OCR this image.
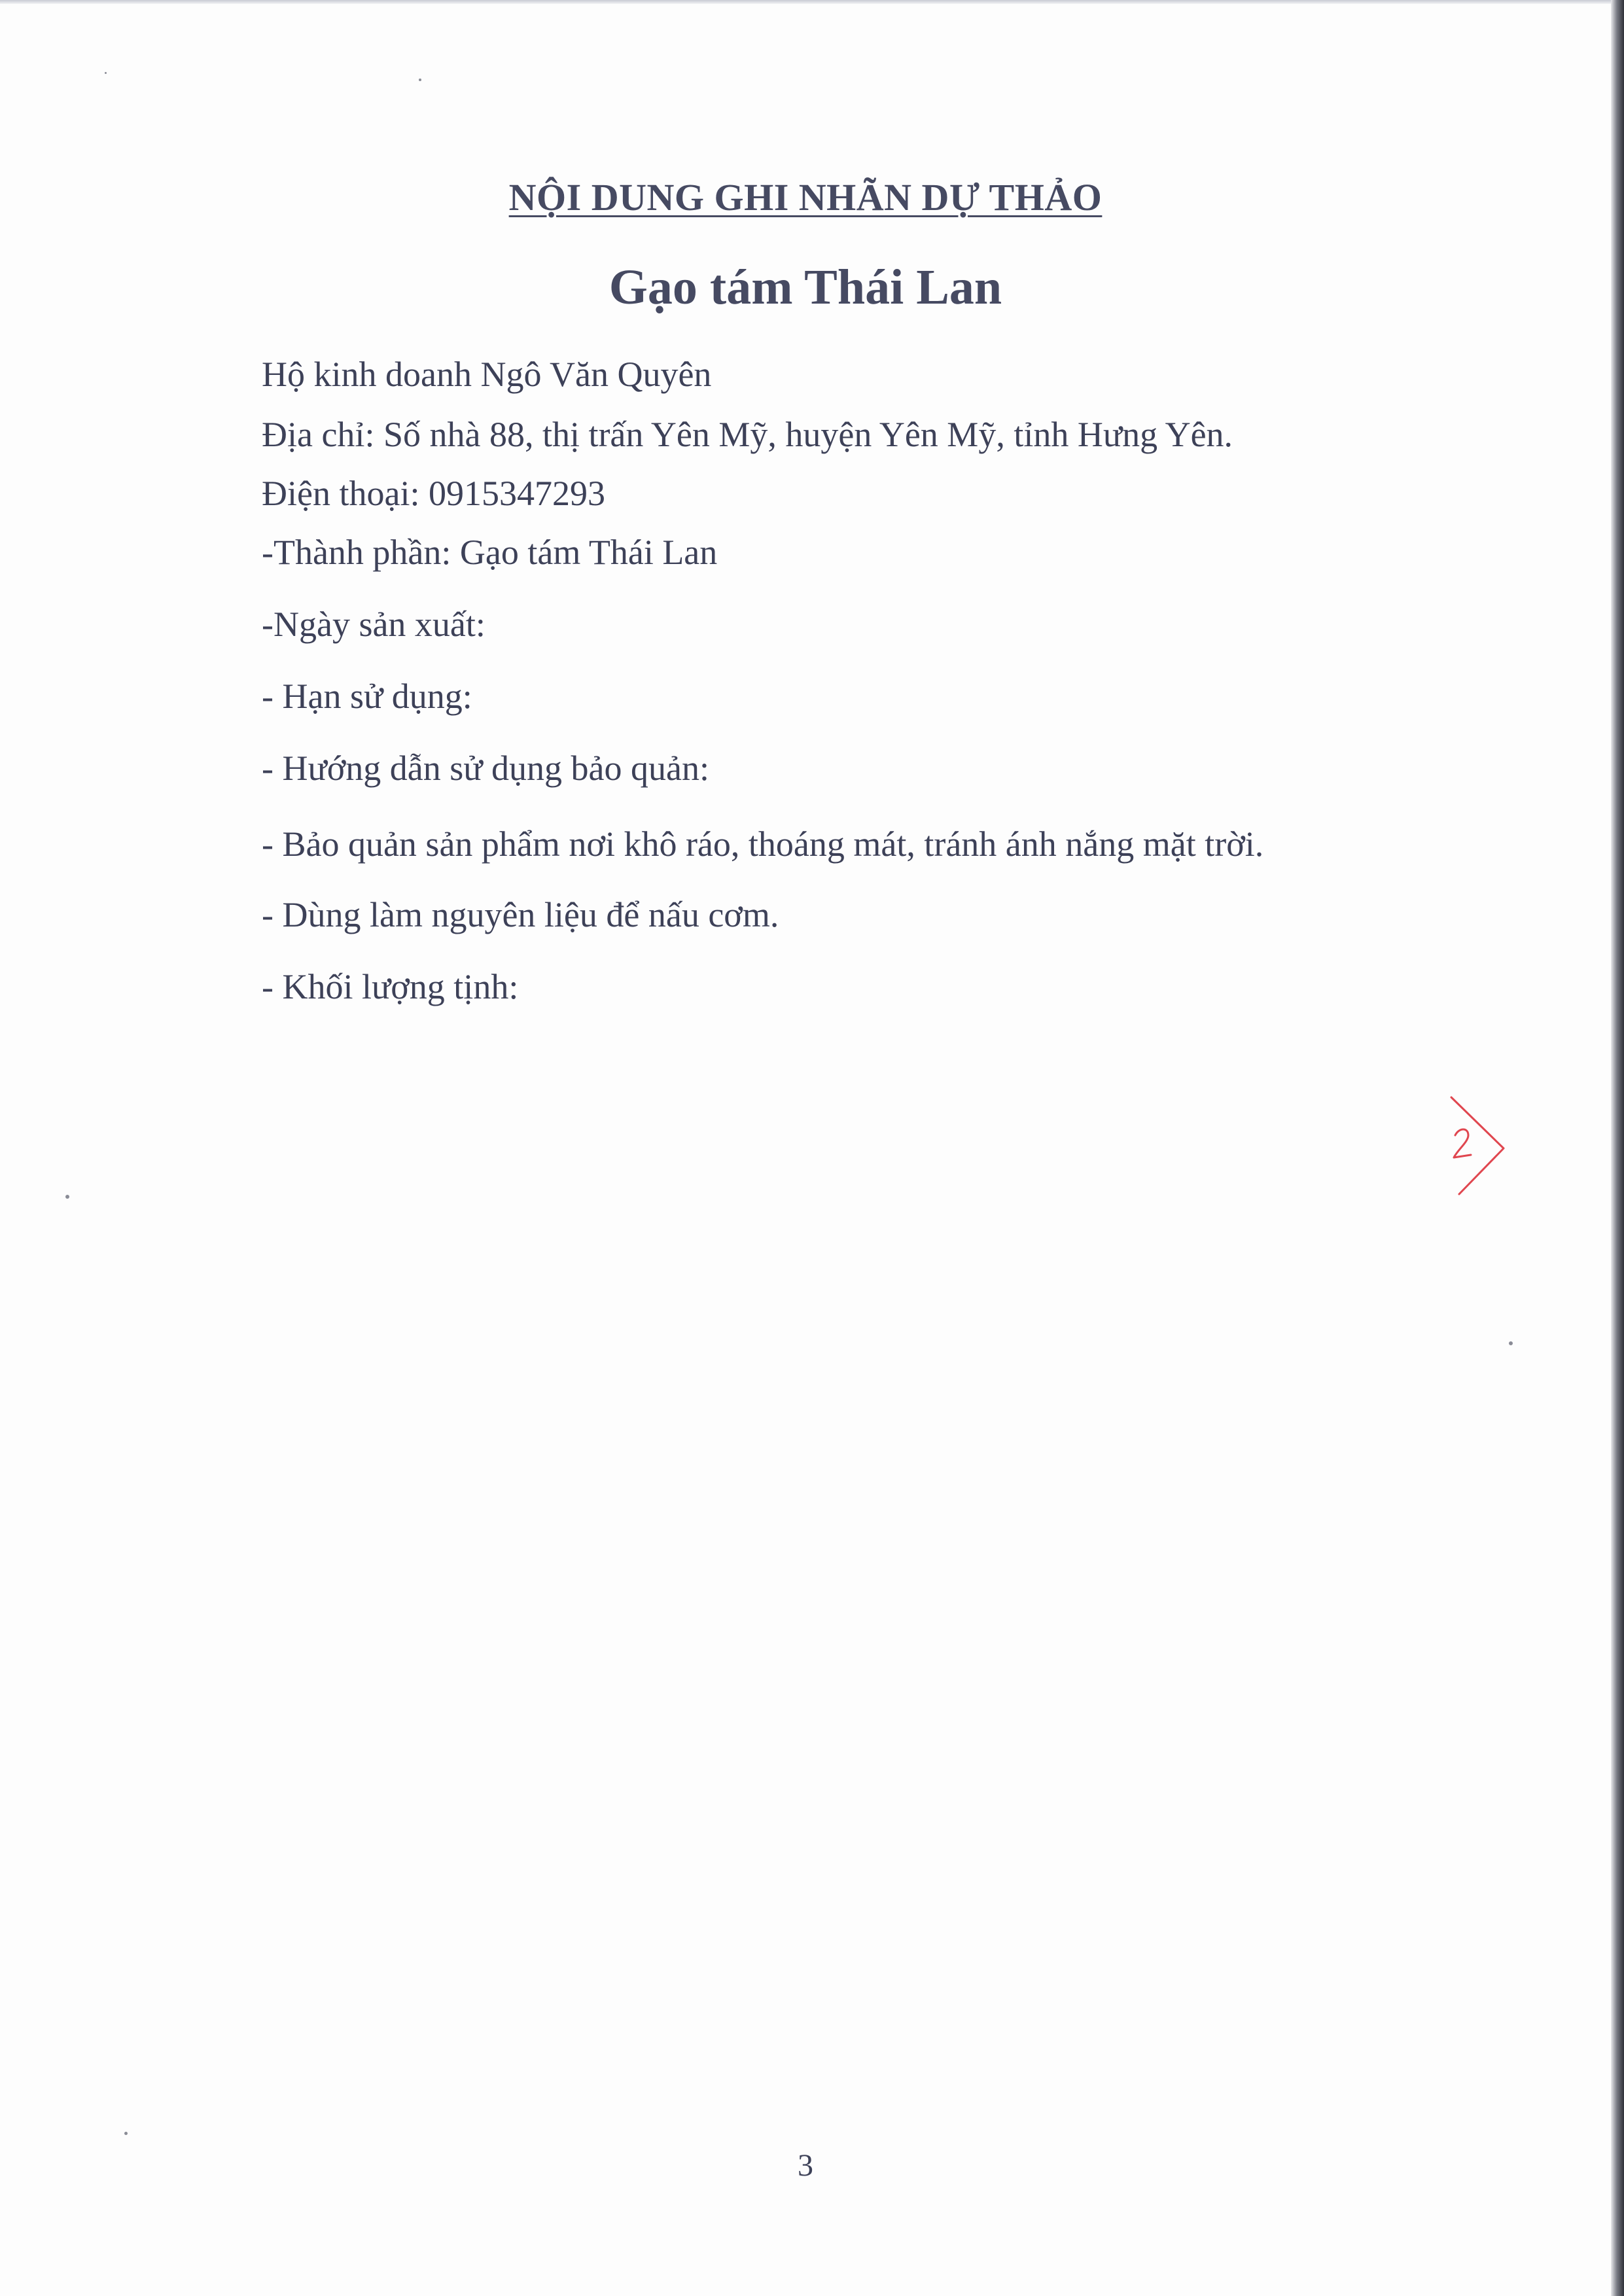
NỘI DUNG GHI NHÃN DỰ THẢO
Gạo tám Thái Lan
Hộ kinh doanh Ngô Văn Quyên
Địa chỉ: Số nhà 88, thị trấn Yên Mỹ, huyện Yên Mỹ, tỉnh Hưng Yên.
Điện thoại: 0915347293
-Thành phần: Gạo tám Thái Lan
-Ngày sản xuất:
- Hạn sử dụng:
- Hướng dẫn sử dụng bảo quản:
- Bảo quản sản phẩm nơi khô ráo, thoáng mát, tránh ánh nắng mặt trời.
- Dùng làm nguyên liệu để nấu cơm.
- Khối lượng tịnh:
3
